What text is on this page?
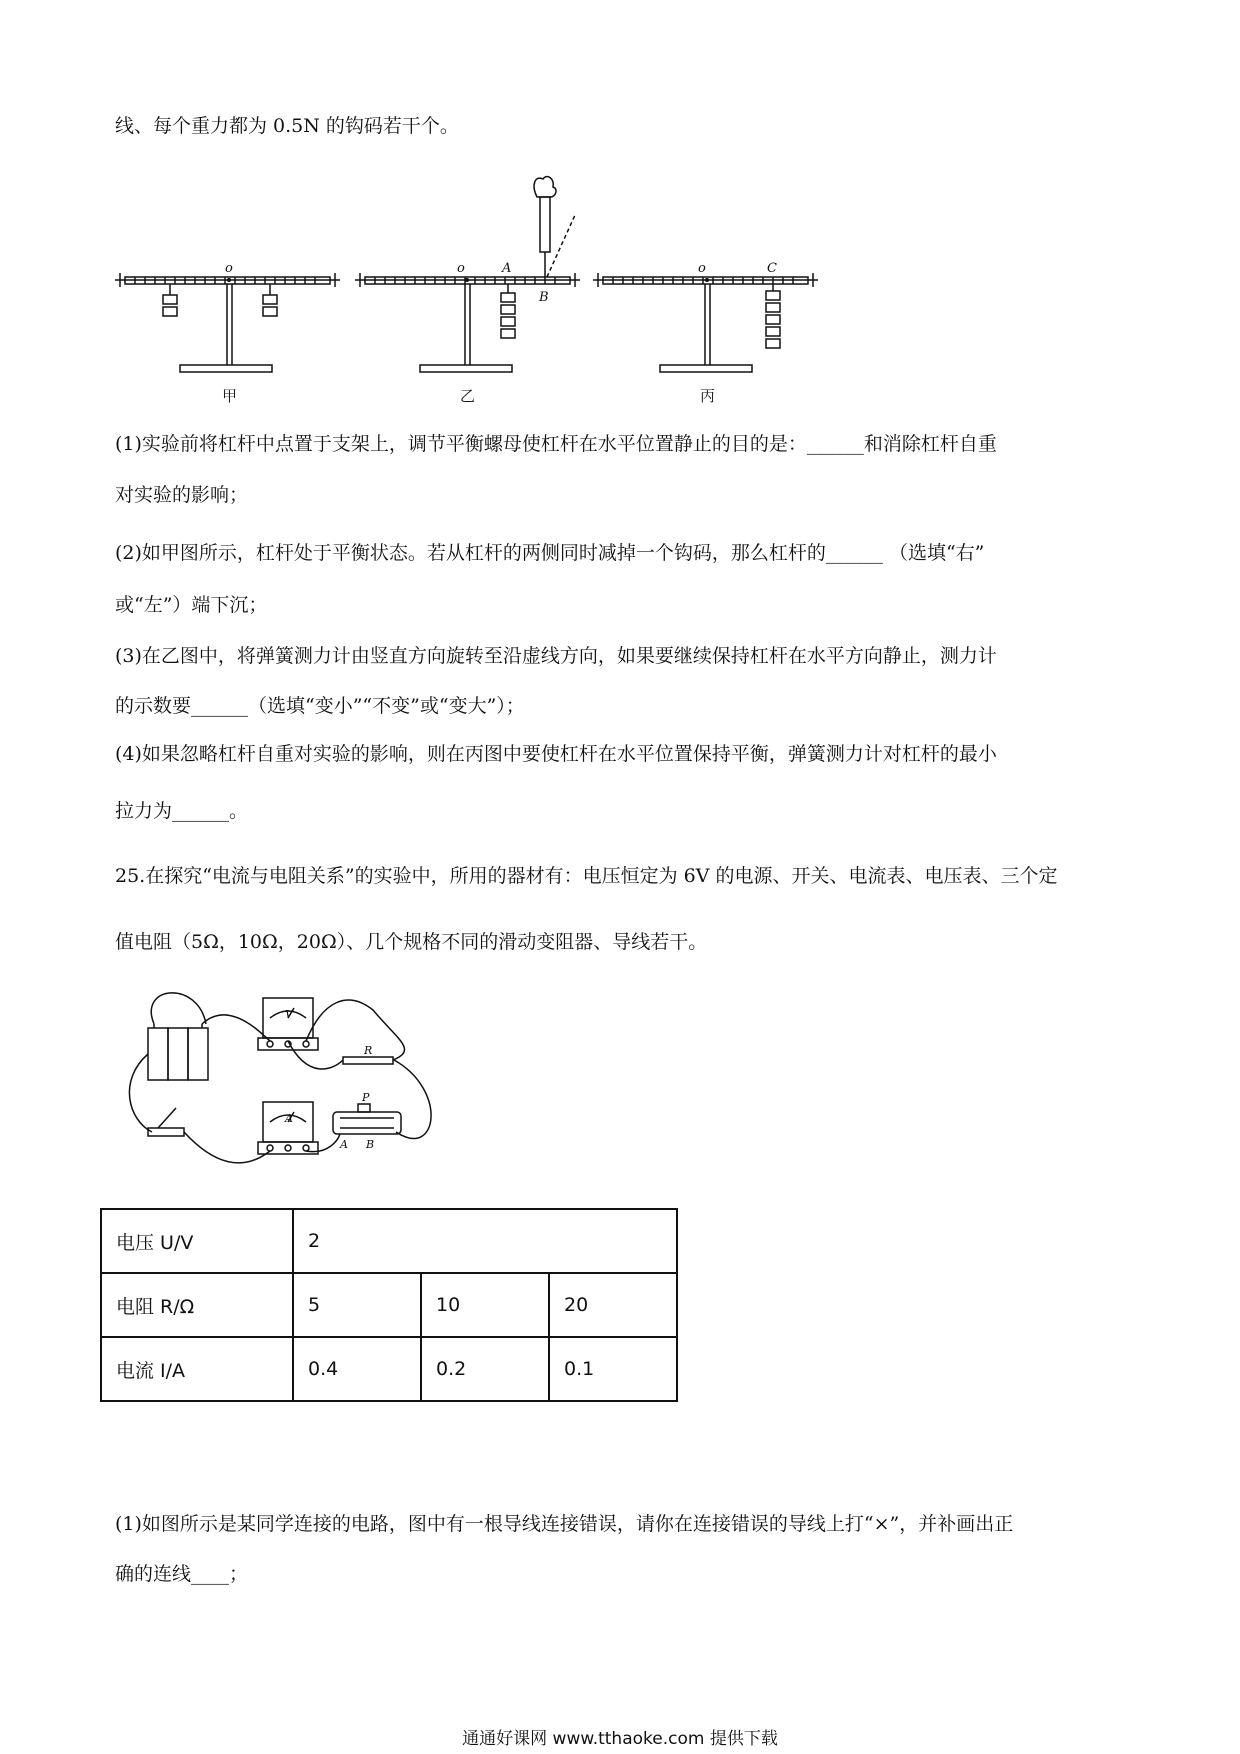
线、每个重力都为 0.5N 的钩码若干个。
o	o	A
B
o	C
甲	乙	丙
(1)实验前将杠杆中点置于支架上，调节平衡螺母使杠杆在水平位置静止的目的是：______和消除杠杆自重
对实验的影响；
(2)如甲图所示，杠杆处于平衡状态。若从杠杆的两侧同时减掉一个钩码，那么杠杆的______ （选填“右”
或“左”）端下沉；
(3)在乙图中，将弹簧测力计由竖直方向旋转至沿虚线方向，如果要继续保持杠杆在水平方向静止，测力计
的示数要______（选填“变小”“不变”或“变大”）；
(4)如果忽略杠杆自重对实验的影响，则在丙图中要使杠杆在水平位置保持平衡，弹簧测力计对杠杆的最小
拉力为______。
25.在探究“电流与电阻关系”的实验中，所用的器材有：电压恒定为 6V 的电源、开关、电流表、电压表、三个定
值电阻（5Ω，10Ω，20Ω）、几个规格不同的滑动变阻器、导线若干。
V
A
R
P
A B
电压 U/V	2		
电阻 R/Ω	5	10	20
电流 I/A	0.4	0.2	0.1
(1)如图所示是某同学连接的电路，图中有一根导线连接错误，请你在连接错误的导线上打“×”，并补画出正
确的连线____；
通通好课网 www.tthaoke.com 提供下载
